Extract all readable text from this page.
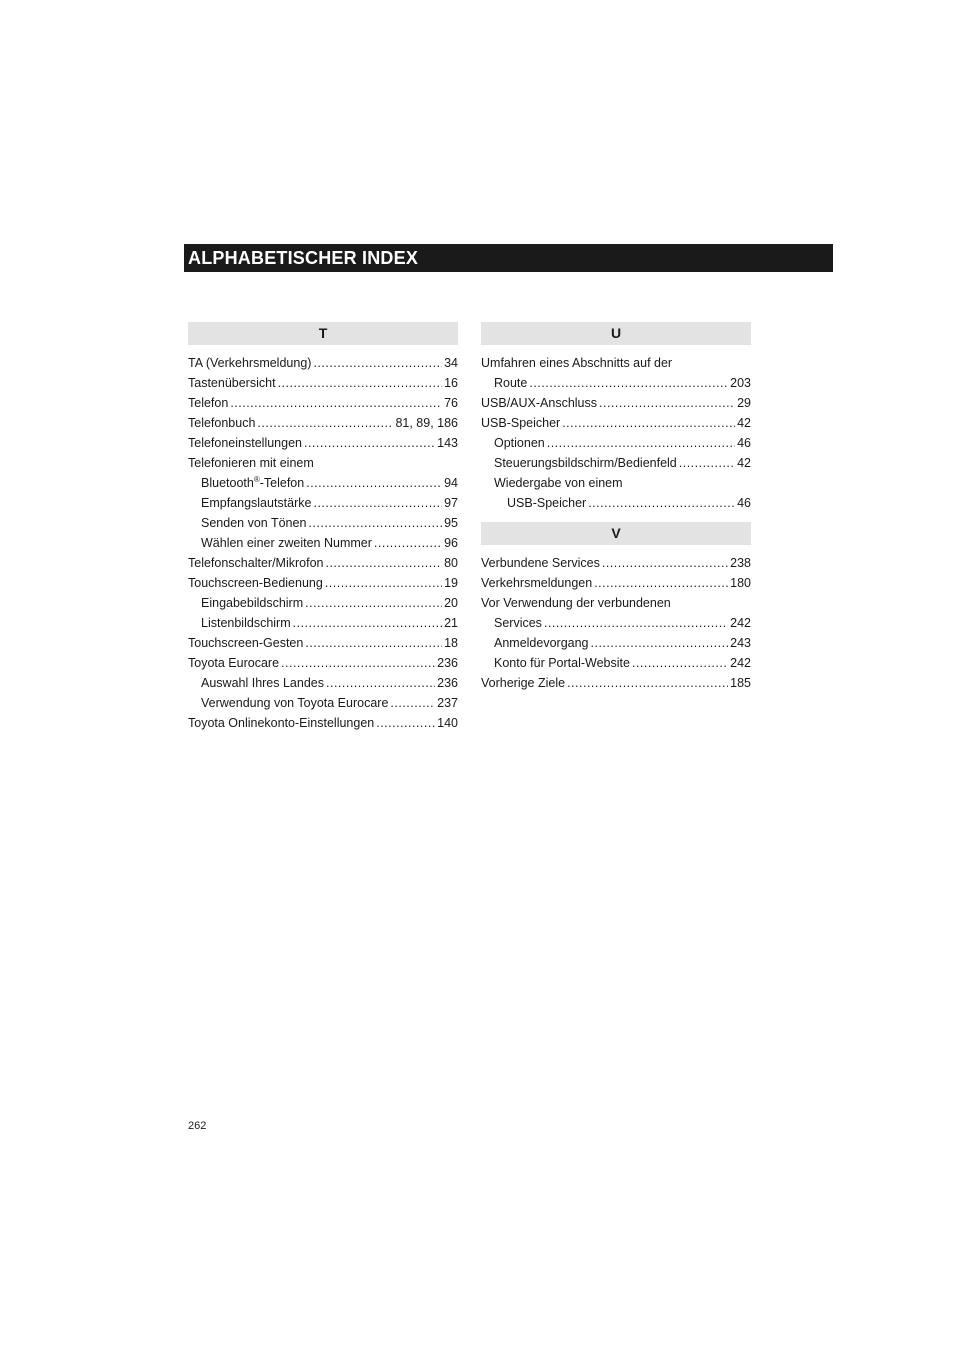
ALPHABETISCHER INDEX
T
TA (Verkehrsmeldung) .....	34
Tastenübersicht .....	16
Telefon .....	76
Telefonbuch .....	81, 89, 186
Telefoneinstellungen .....	143
Telefonieren mit einem
Bluetooth®-Telefon .....	94
Empfangslautstärke .....	97
Senden von Tönen .....	95
Wählen einer zweiten Nummer .....	96
Telefonschalter/Mikrofon .....	80
Touchscreen-Bedienung .....	19
Eingabebildschirm .....	20
Listenbildschirm .....	21
Touchscreen-Gesten .....	18
Toyota Eurocare .....	236
Auswahl Ihres Landes .....	236
Verwendung von Toyota Eurocare .....	237
Toyota Onlinekonto-Einstellungen .....	140
U
Umfahren eines Abschnitts auf der
Route .....	203
USB/AUX-Anschluss .....	29
USB-Speicher .....	42
Optionen .....	46
Steuerungsbildschirm/Bedienfeld .....	42
Wiedergabe von einem
USB-Speicher .....	46
V
Verbundene Services .....	238
Verkehrsmeldungen .....	180
Vor Verwendung der verbundenen
Services .....	242
Anmeldevorgang .....	243
Konto für Portal-Website .....	242
Vorherige Ziele .....	185
262
